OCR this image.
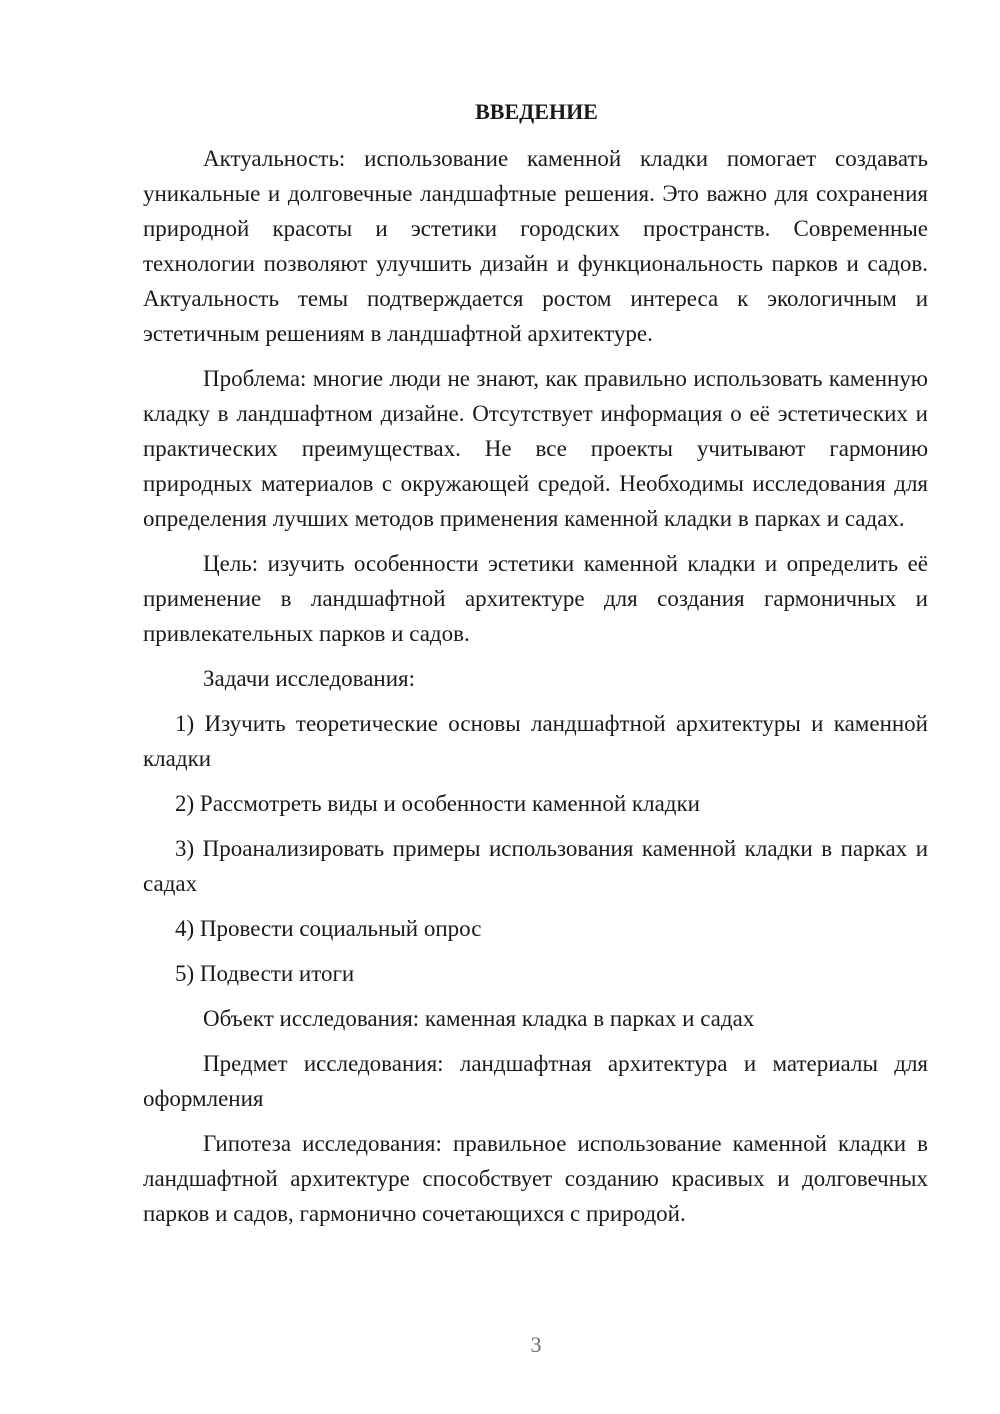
ВВЕДЕНИЕ

Актуальность: использование каменной кладки помогает создавать уникальные и долговечные ландшафтные решения. Это важно для сохранения природной красоты и эстетики городских пространств. Современные технологии позволяют улучшить дизайн и функциональность парков и садов. Актуальность темы подтверждается ростом интереса к экологичным и эстетичным решениям в ландшафтной архитектуре.

Проблема: многие люди не знают, как правильно использовать каменную кладку в ландшафтном дизайне. Отсутствует информация о её эстетических и практических преимуществах. Не все проекты учитывают гармонию природных материалов с окружающей средой. Необходимы исследования для определения лучших методов применения каменной кладки в парках и садах.

Цель: изучить особенности эстетики каменной кладки и определить её применение в ландшафтной архитектуре для создания гармоничных и привлекательных парков и садов.

Задачи исследования:

1) Изучить теоретические основы ландшафтной архитектуры и каменной кладки

2) Рассмотреть виды и особенности каменной кладки

3) Проанализировать примеры использования каменной кладки в парках и садах

4) Провести социальный опрос

5) Подвести итоги

Объект исследования: каменная кладка в парках и садах

Предмет исследования: ландшафтная архитектура и материалы для оформления

Гипотеза исследования: правильное использование каменной кладки в ландшафтной архитектуре способствует созданию красивых и долговечных парков и садов, гармонично сочетающихся с природой.

3
